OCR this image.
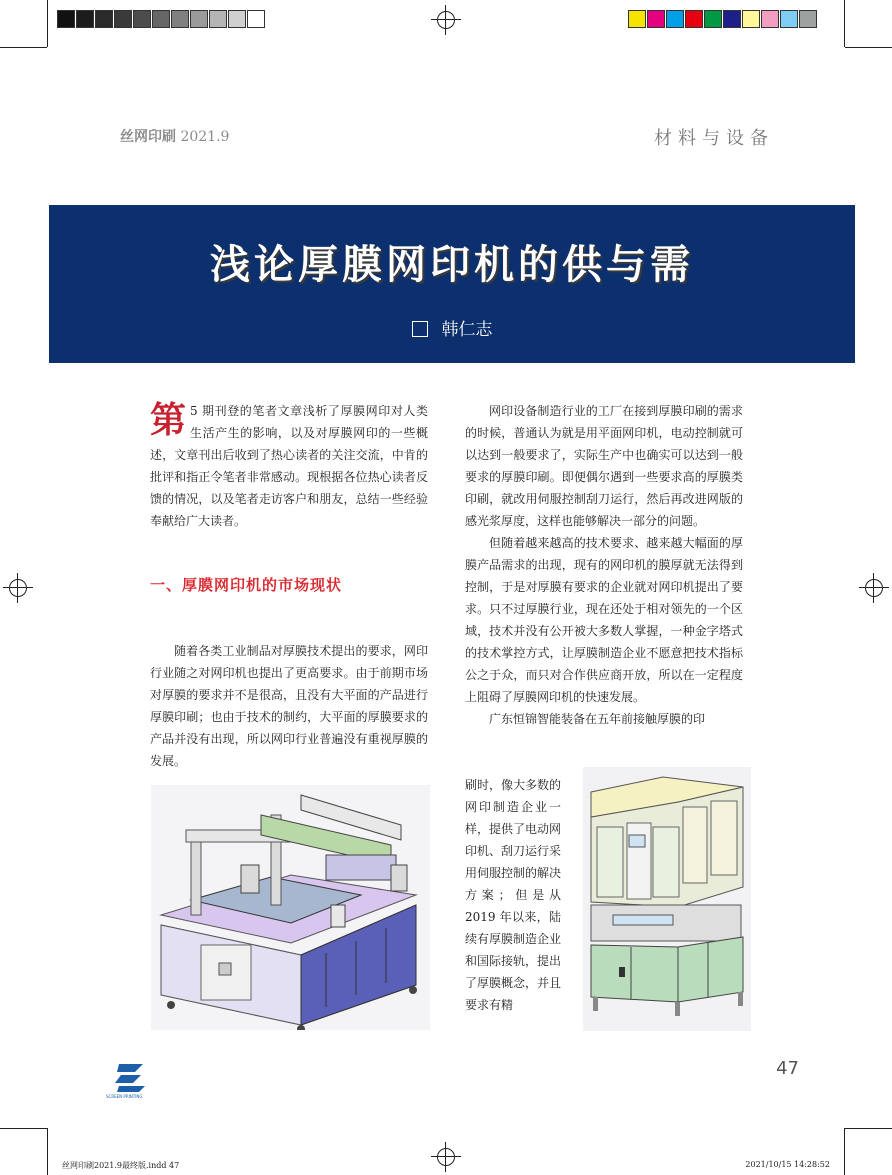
丝网印刷 2021.9	材料与设备
浅论厚膜网印机的供与需
韩仁志

第 5 期刊登的笔者文章浅析了厚膜网印对人类生活产生的影响，以及对厚膜网印的一些概述，文章刊出后收到了热心读者的关注交流，中肯的批评和指正令笔者非常感动。现根据各位热心读者反馈的情况，以及笔者走访客户和朋友，总结一些经验奉献给广大读者。

一、厚膜网印机的市场现状

随着各类工业制品对厚膜技术提出的要求，网印行业随之对网印机也提出了更高要求。由于前期市场对厚膜的要求并不是很高，且没有大平面的产品进行厚膜印刷；也由于技术的制约，大平面的厚膜要求的产品并没有出现，所以网印行业普遍没有重视厚膜的发展。

网印设备制造行业的工厂在接到厚膜印刷的需求的时候，普通认为就是用平面网印机，电动控制就可以达到一般要求了，实际生产中也确实可以达到一般要求的厚膜印刷。即便偶尔遇到一些要求高的厚膜类印刷，就改用伺服控制刮刀运行，然后再改进网版的感光浆厚度，这样也能够解决一部分的问题。

但随着越来越高的技术要求、越来越大幅面的厚膜产品需求的出现，现有的网印机的膜厚就无法得到控制，于是对厚膜有要求的企业就对网印机提出了要求。只不过厚膜行业，现在还处于相对领先的一个区域，技术并没有公开被大多数人掌握，一种金字塔式的技术掌控方式，让厚膜制造企业不愿意把技术指标公之于众，而只对合作供应商开放，所以在一定程度上阻碍了厚膜网印机的快速发展。

广东恒锦智能装备在五年前接触厚膜的印

刷时，像大多数的网印制造企业一样，提供了电动网印机、刮刀运行采用伺服控制的解决方案；但是从 2019 年以来，陆续有厚膜制造企业和国际接轨，提出了厚膜概念，并且要求有精

47
SCREEN PRINTING
丝网印刷2021.9最终版.indd 47	2021/10/15 14:28:52
